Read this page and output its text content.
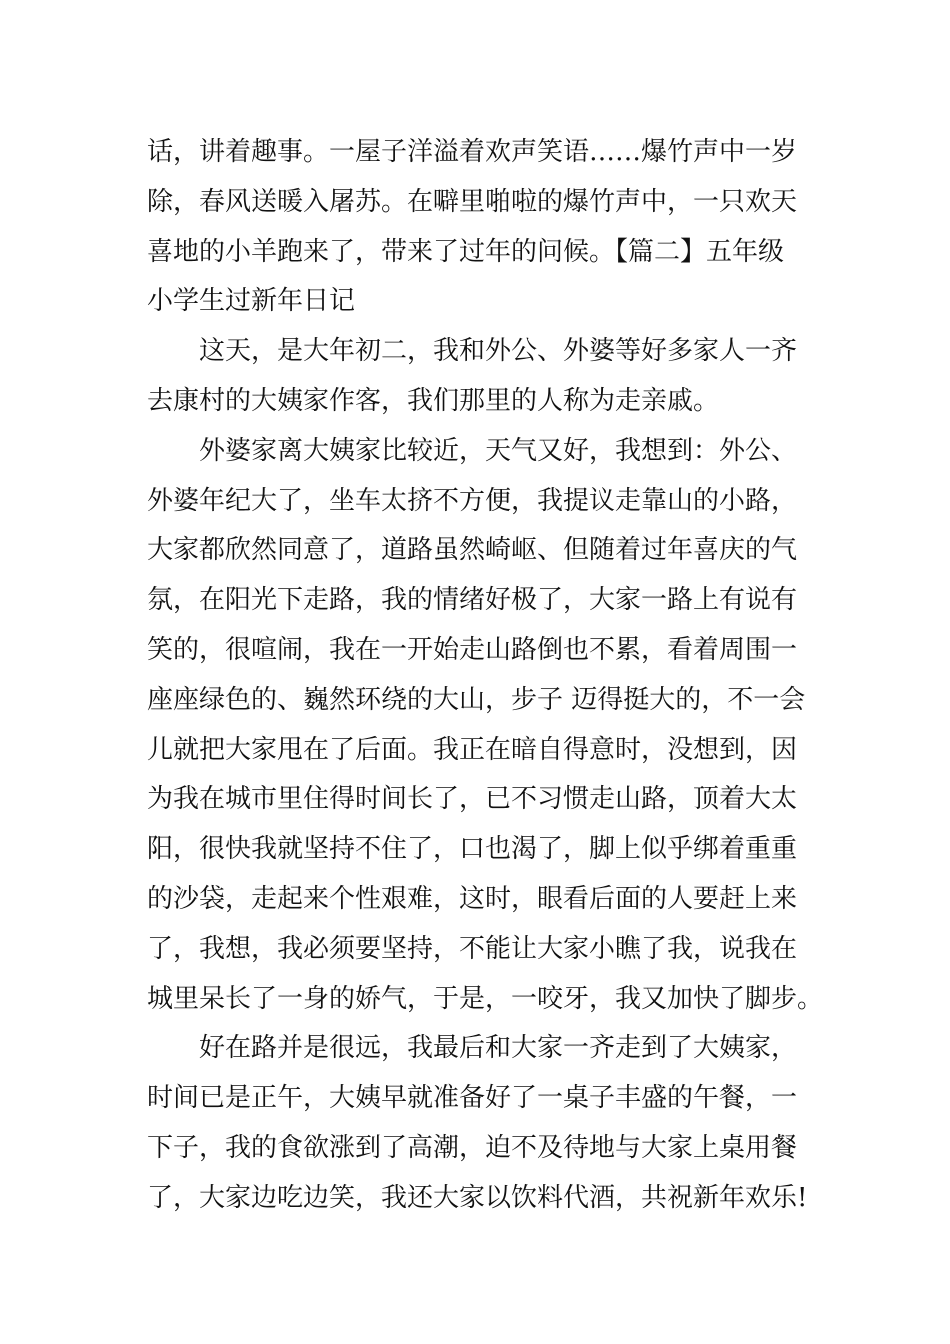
话，讲着趣事。一屋子洋溢着欢声笑语……爆竹声中一岁
除，春风送暖入屠苏。在噼里啪啦的爆竹声中，一只欢天
喜地的小羊跑来了，带来了过年的问候。【篇二】五年级
小学生过新年日记
这天，是大年初二，我和外公、外婆等好多家人一齐
去康村的大姨家作客，我们那里的人称为走亲戚。
外婆家离大姨家比较近，天气又好，我想到：外公、
外婆年纪大了，坐车太挤不方便，我提议走靠山的小路，
大家都欣然同意了，道路虽然崎岖、但随着过年喜庆的气
氛，在阳光下走路，我的情绪好极了，大家一路上有说有
笑的，很喧闹，我在一开始走山路倒也不累，看着周围一
座座绿色的、巍然环绕的大山，步子 迈得挺大的，不一会
儿就把大家甩在了后面。我正在暗自得意时，没想到，因
为我在城市里住得时间长了，已不习惯走山路，顶着大太
阳，很快我就坚持不住了，口也渴了，脚上似乎绑着重重
的沙袋，走起来个性艰难，这时，眼看后面的人要赶上来
了，我想，我必须要坚持，不能让大家小瞧了我，说我在
城里呆长了一身的娇气，于是，一咬牙，我又加快了脚步。
好在路并是很远，我最后和大家一齐走到了大姨家，
时间已是正午，大姨早就准备好了一桌子丰盛的午餐，一
下子，我的食欲涨到了高潮，迫不及待地与大家上桌用餐
了，大家边吃边笑，我还大家以饮料代酒，共祝新年欢乐!
